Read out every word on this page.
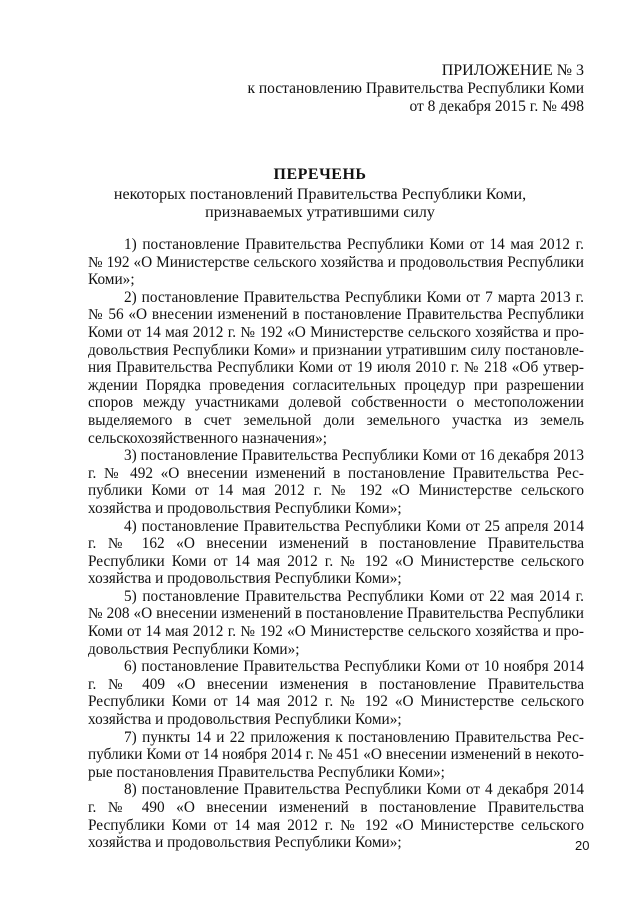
ПРИЛОЖЕНИЕ № 3
к постановлению Правительства Республики Коми
от 8 декабря 2015 г. № 498
ПЕРЕЧЕНЬ
некоторых постановлений Правительства Республики Коми,
признаваемых утратившими силу

1) постановление Правительства Республики Коми от 14 мая 2012 г. № 192 «О Министерстве сельского хозяйства и продовольствия Республики Коми»;

2) постановление Правительства Республики Коми от 7 марта 2013 г. № 56 «О внесении изменений в постановление Правительства Республики Коми от 14 мая 2012 г. № 192 «О Министерстве сельского хозяйства и продовольствия Республики Коми» и признании утратившим силу постановления Правительства Республики Коми от 19 июля 2010 г. № 218 «Об утверждении Порядка проведения согласительных процедур при разрешении споров между участниками долевой собственности о местоположении выделяемого в счет земельной доли земельного участка из земель сельскохозяйственного назначения»;

3) постановление Правительства Республики Коми от 16 декабря 2013 г. № 492 «О внесении изменений в постановление Правительства Республики Коми от 14 мая 2012 г. № 192 «О Министерстве сельского хозяйства и продовольствия Республики Коми»;

4) постановление Правительства Республики Коми от 25 апреля 2014 г. № 162 «О внесении изменений в постановление Правительства Республики Коми от 14 мая 2012 г. № 192 «О Министерстве сельского хозяйства и продовольствия Республики Коми»;

5) постановление Правительства Республики Коми от 22 мая 2014 г. № 208 «О внесении изменений в постановление Правительства Республики Коми от 14 мая 2012 г. № 192 «О Министерстве сельского хозяйства и продовольствия Республики Коми»;

6) постановление Правительства Республики Коми от 10 ноября 2014 г. № 409 «О внесении изменения в постановление Правительства Республики Коми от 14 мая 2012 г. № 192 «О Министерстве сельского хозяйства и продовольствия Республики Коми»;

7) пункты 14 и 22 приложения к постановлению Правительства Республики Коми от 14 ноября 2014 г. № 451 «О внесении изменений в некоторые постановления Правительства Республики Коми»;

8) постановление Правительства Республики Коми от 4 декабря 2014 г. № 490 «О внесении изменений в постановление Правительства Республики Коми от 14 мая 2012 г. № 192 «О Министерстве сельского хозяйства и продовольствия Республики Коми»;	20
